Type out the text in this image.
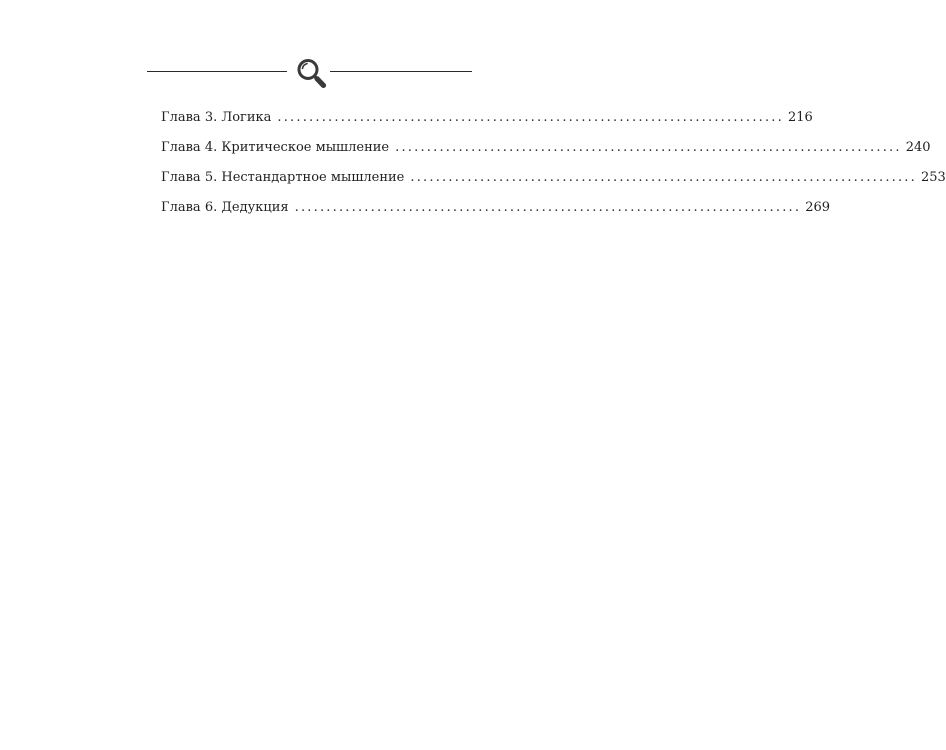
Глава 3. Логика ................................................................................ 216
Глава 4. Критическое мышление ................................................................................ 240
Глава 5. Нестандартное мышление ................................................................................ 253
Глава 6. Дедукция ................................................................................ 269
